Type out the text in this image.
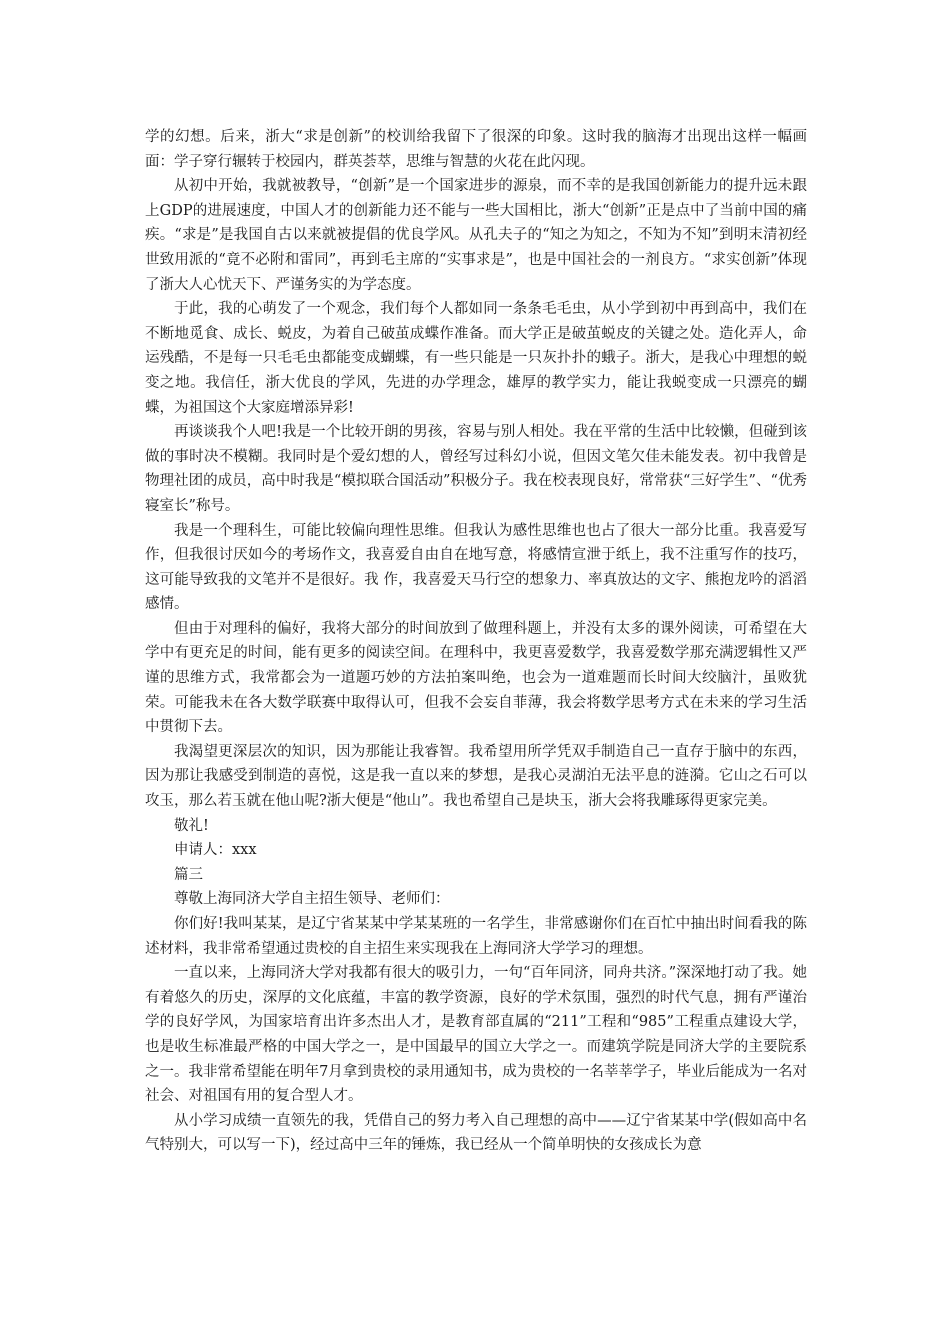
学的幻想。后来，浙大“求是创新”的校训给我留下了很深的印象。这时我的脑海才出现出这样一幅画面：学子穿行辗转于校园内，群英荟萃，思维与智慧的火花在此闪现。

从初中开始，我就被教导，“创新”是一个国家进步的源泉，而不幸的是我国创新能力的提升远未跟上GDP的进展速度，中国人才的创新能力还不能与一些大国相比，浙大“创新”正是点中了当前中国的痛疾。“求是”是我国自古以来就被提倡的优良学风。从孔夫子的“知之为知之，不知为不知”到明末清初经世致用派的“竟不必附和雷同”，再到毛主席的“实事求是”，也是中国社会的一剂良方。“求实创新”体现了浙大人心忧天下、严谨务实的为学态度。

于此，我的心萌发了一个观念，我们每个人都如同一条条毛毛虫，从小学到初中再到高中，我们在不断地觅食、成长、蜕皮，为着自己破茧成蝶作准备。而大学正是破茧蜕皮的关键之处。造化弄人，命运残酷，不是每一只毛毛虫都能变成蝴蝶，有一些只能是一只灰扑扑的蛾子。浙大，是我心中理想的蜕变之地。我信任，浙大优良的学风，先进的办学理念，雄厚的教学实力，能让我蜕变成一只漂亮的蝴蝶，为祖国这个大家庭增添异彩!

再谈谈我个人吧!我是一个比较开朗的男孩，容易与别人相处。我在平常的生活中比较懒，但碰到该做的事时决不模糊。我同时是个爱幻想的人，曾经写过科幻小说，但因文笔欠佳未能发表。初中我曾是物理社团的成员，高中时我是“模拟联合国活动”积极分子。我在校表现良好，常常获“三好学生”、“优秀寝室长”称号。

我是一个理科生，可能比较偏向理性思维。但我认为感性思维也也占了很大一部分比重。我喜爱写作，但我很讨厌如今的考场作文，我喜爱自由自在地写意，将感情宣泄于纸上，我不注重写作的技巧，这可能导致我的文笔并不是很好。我 作，我喜爱天马行空的想象力、率真放达的文字、熊抱龙吟的滔滔感情。

但由于对理科的偏好，我将大部分的时间放到了做理科题上，并没有太多的课外阅读，可希望在大学中有更充足的时间，能有更多的阅读空间。在理科中，我更喜爱数学，我喜爱数学那充满逻辑性又严谨的思维方式，我常都会为一道题巧妙的方法拍案叫绝，也会为一道难题而长时间大绞脑汁，虽败犹荣。可能我未在各大数学联赛中取得认可，但我不会妄自菲薄，我会将数学思考方式在未来的学习生活中贯彻下去。

我渴望更深层次的知识，因为那能让我睿智。我希望用所学凭双手制造自己一直存于脑中的东西，因为那让我感受到制造的喜悦，这是我一直以来的梦想，是我心灵湖泊无法平息的涟漪。它山之石可以攻玉，那么若玉就在他山呢?浙大便是“他山”。我也希望自己是块玉，浙大会将我雕琢得更家完美。

敬礼!

申请人：xxx

篇三

尊敬上海同济大学自主招生领导、老师们：

你们好!我叫某某，是辽宁省某某中学某某班的一名学生，非常感谢你们在百忙中抽出时间看我的陈述材料，我非常希望通过贵校的自主招生来实现我在上海同济大学学习的理想。

一直以来，上海同济大学对我都有很大的吸引力，一句“百年同济，同舟共济。”深深地打动了我。她有着悠久的历史，深厚的文化底蕴，丰富的教学资源，良好的学术氛围，强烈的时代气息，拥有严谨治学的良好学风，为国家培育出许多杰出人才，是教育部直属的“211”工程和“985”工程重点建设大学，也是收生标准最严格的中国大学之一，是中国最早的国立大学之一。而建筑学院是同济大学的主要院系之一。我非常希望能在明年7月拿到贵校的录用通知书，成为贵校的一名莘莘学子，毕业后能成为一名对社会、对祖国有用的复合型人才。

从小学习成绩一直领先的我，凭借自己的努力考入自己理想的高中——辽宁省某某中学(假如高中名气特别大，可以写一下)，经过高中三年的锤炼，我已经从一个简单明快的女孩成长为意
